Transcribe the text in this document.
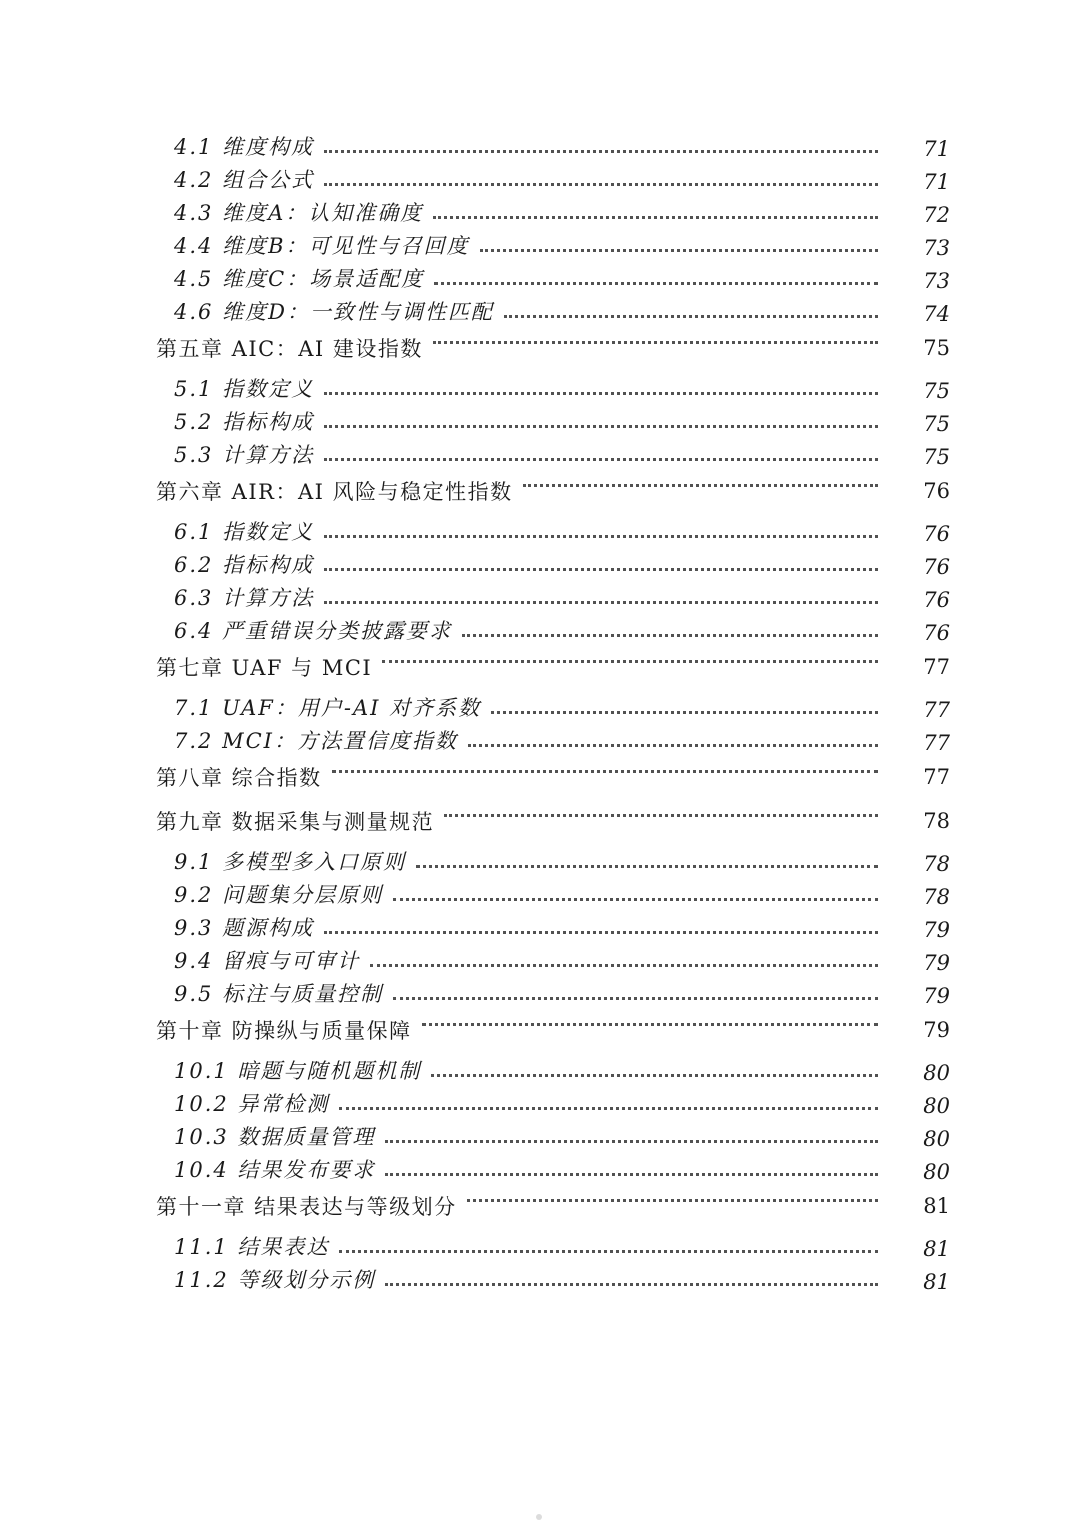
4.1 维度构成	71
4.2 组合公式	71
4.3 维度A：认知准确度	72
4.4 维度B：可见性与召回度	73
4.5 维度C：场景适配度	73
4.6 维度D：一致性与调性匹配	74
第五章 AIC：AI 建设指数	75
5.1 指数定义	75
5.2 指标构成	75
5.3 计算方法	75
第六章 AIR：AI 风险与稳定性指数	76
6.1 指数定义	76
6.2 指标构成	76
6.3 计算方法	76
6.4 严重错误分类披露要求	76
第七章 UAF 与 MCI	77
7.1 UAF：用户-AI 对齐系数	77
7.2 MCI：方法置信度指数	77
第八章 综合指数	77
第九章 数据采集与测量规范	78
9.1 多模型多入口原则	78
9.2 问题集分层原则	78
9.3 题源构成	79
9.4 留痕与可审计	79
9.5 标注与质量控制	79
第十章 防操纵与质量保障	79
10.1 暗题与随机题机制	80
10.2 异常检测	80
10.3 数据质量管理	80
10.4 结果发布要求	80
第十一章 结果表达与等级划分	81
11.1 结果表达	81
11.2 等级划分示例	81
